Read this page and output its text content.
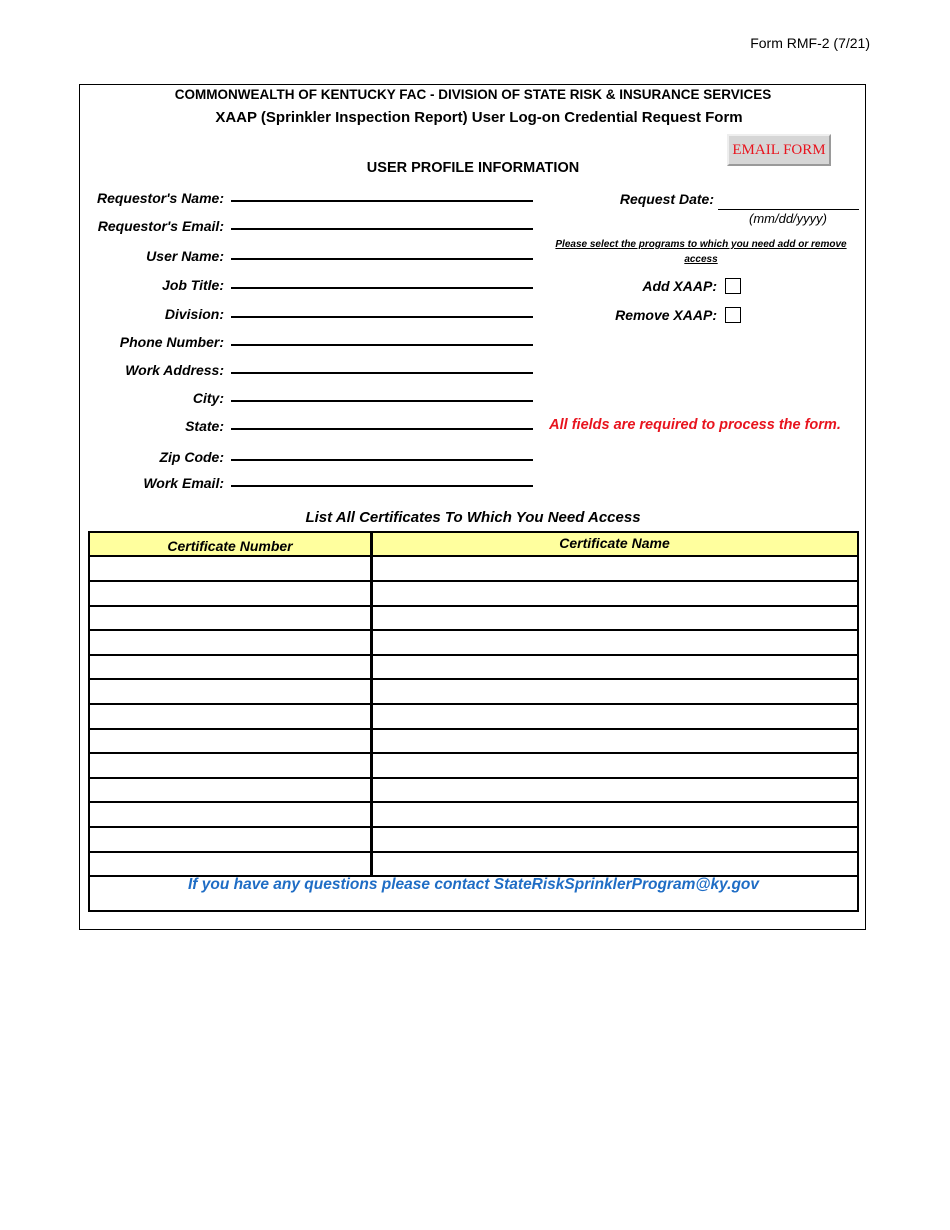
Form RMF-2 (7/21)
COMMONWEALTH OF KENTUCKY FAC - DIVISION OF STATE RISK & INSURANCE SERVICES
XAAP (Sprinkler Inspection Report) User Log-on Credential Request Form
EMAIL FORM
USER PROFILE INFORMATION
Requestor's Name:
Requestor's Email:
User Name:
Job Title:
Division:
Phone Number:
Work Address:
City:
State:
Zip Code:
Work Email:
Request Date:
(mm/dd/yyyy)
Please select the programs to which you need add or remove access
Add XAAP:
Remove XAAP:
All fields are required to process the form.
List All Certificates To Which You Need Access
Certificate Number	Certificate Name
If you have any questions please contact StateRiskSprinklerProgram@ky.gov
